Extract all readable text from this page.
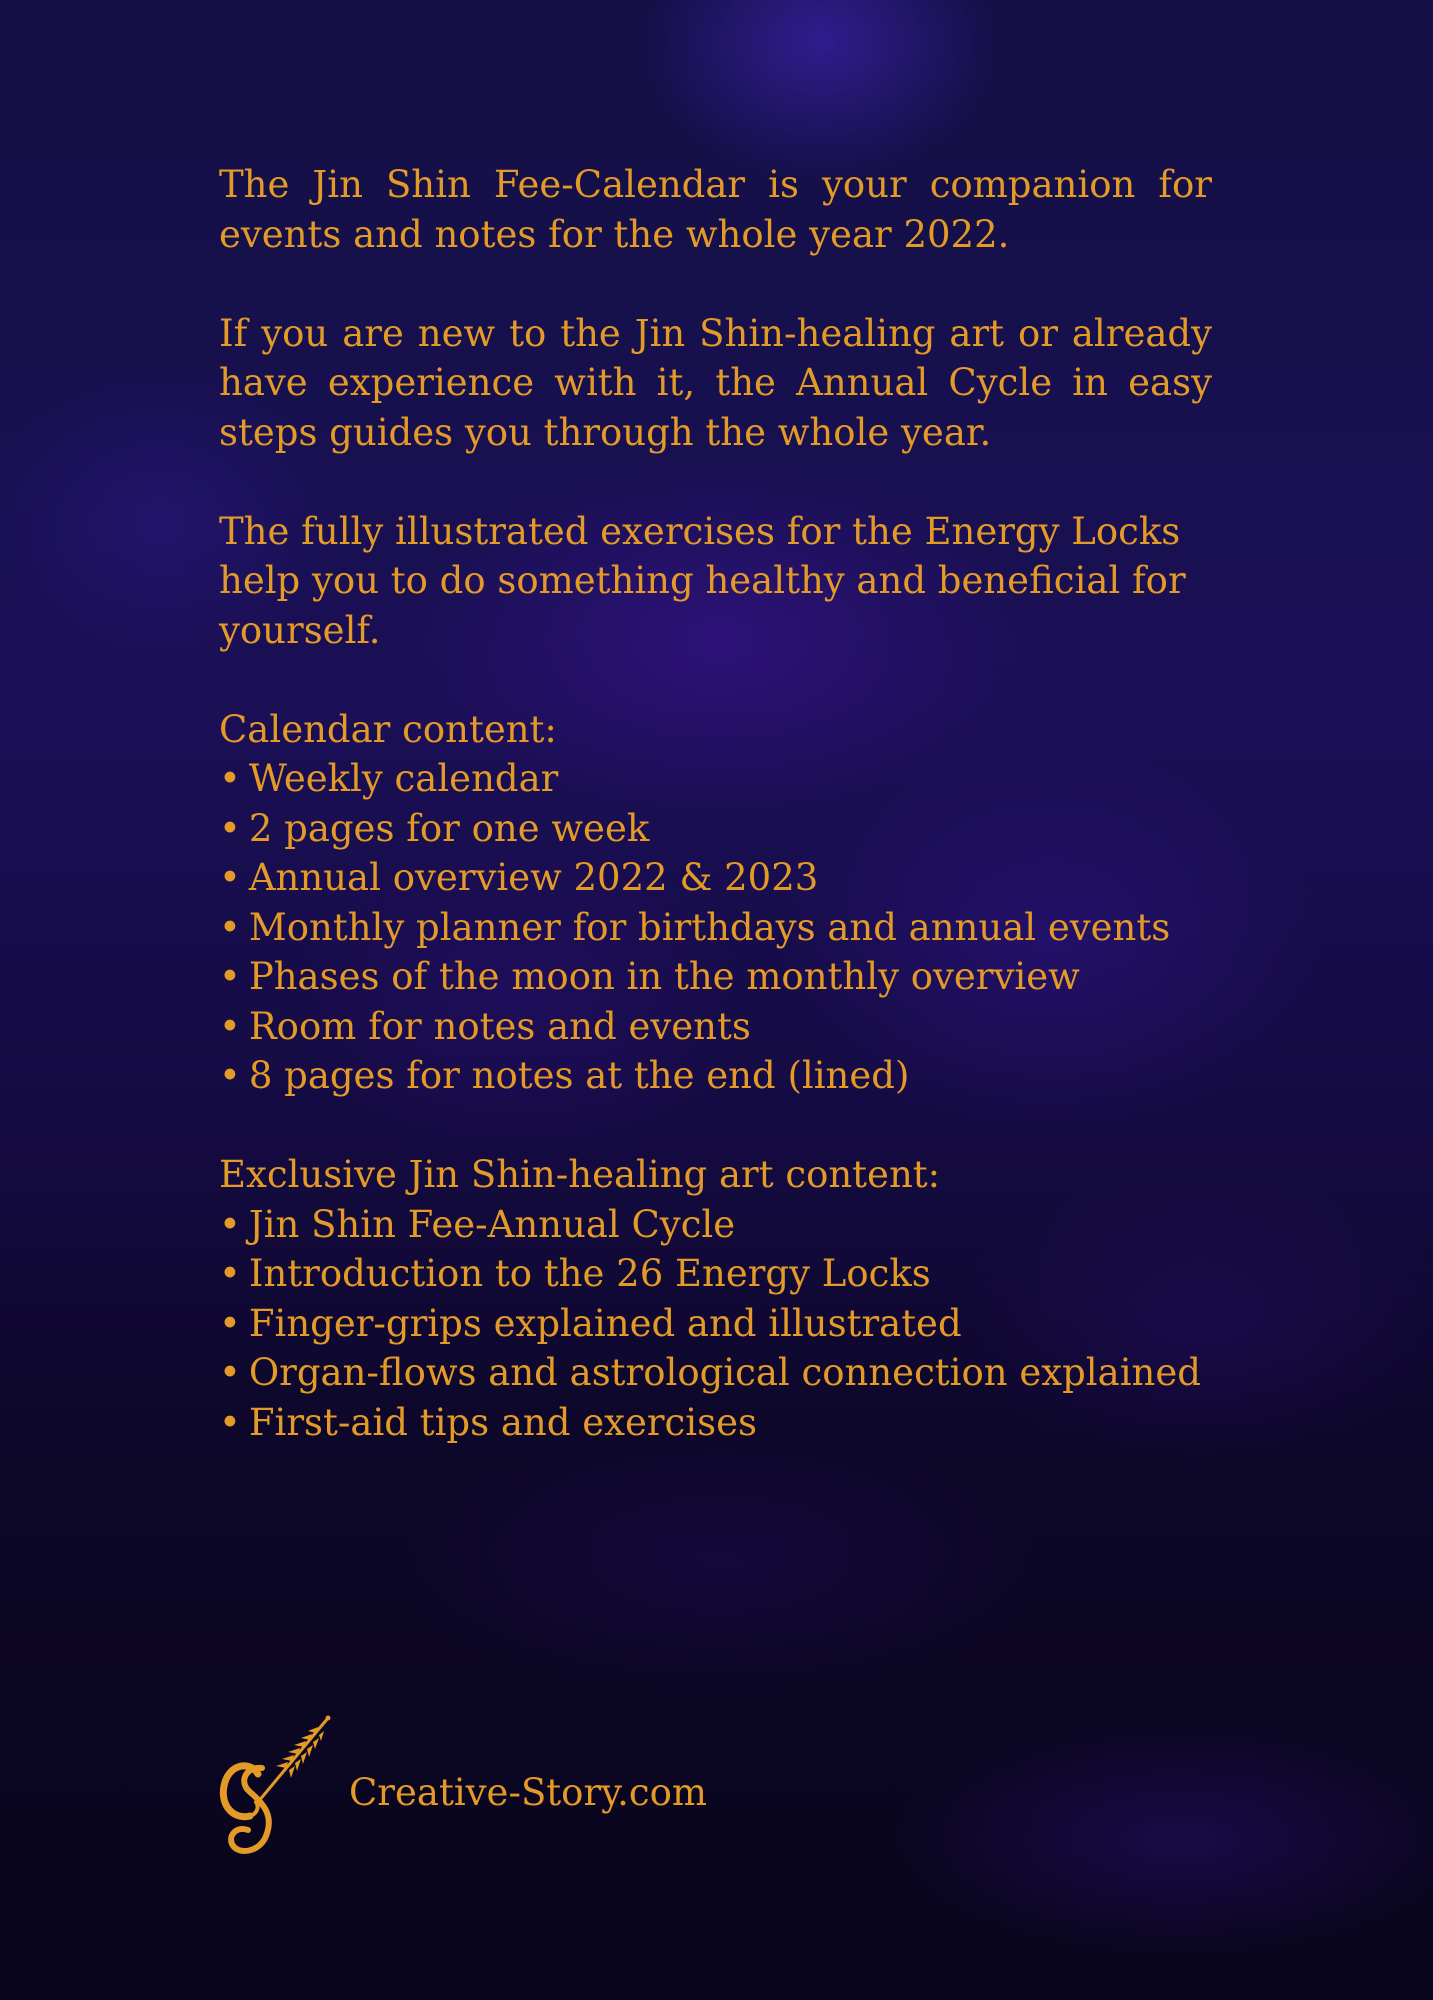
The Jin Shin Fee-Calendar is your companion for events and notes for the whole year 2022.

If you are new to the Jin Shin-healing art or already have experience with it, the Annual Cycle in easy steps guides you through the whole year.

The fully illustrated exercises for the Energy Locks help you to do something healthy and beneficial for yourself.

Calendar content:

• Weekly calendar
• 2 pages for one week
• Annual overview 2022 & 2023
• Monthly planner for birthdays and annual events
• Phases of the moon in the monthly overview
• Room for notes and events
• 8 pages for notes at the end (lined)

Exclusive Jin Shin-healing art content:

• Jin Shin Fee-Annual Cycle
• Introduction to the 26 Energy Locks
• Finger-grips explained and illustrated
• Organ-flows and astrological connection explained
• First-aid tips and exercises
Creative-Story.com
